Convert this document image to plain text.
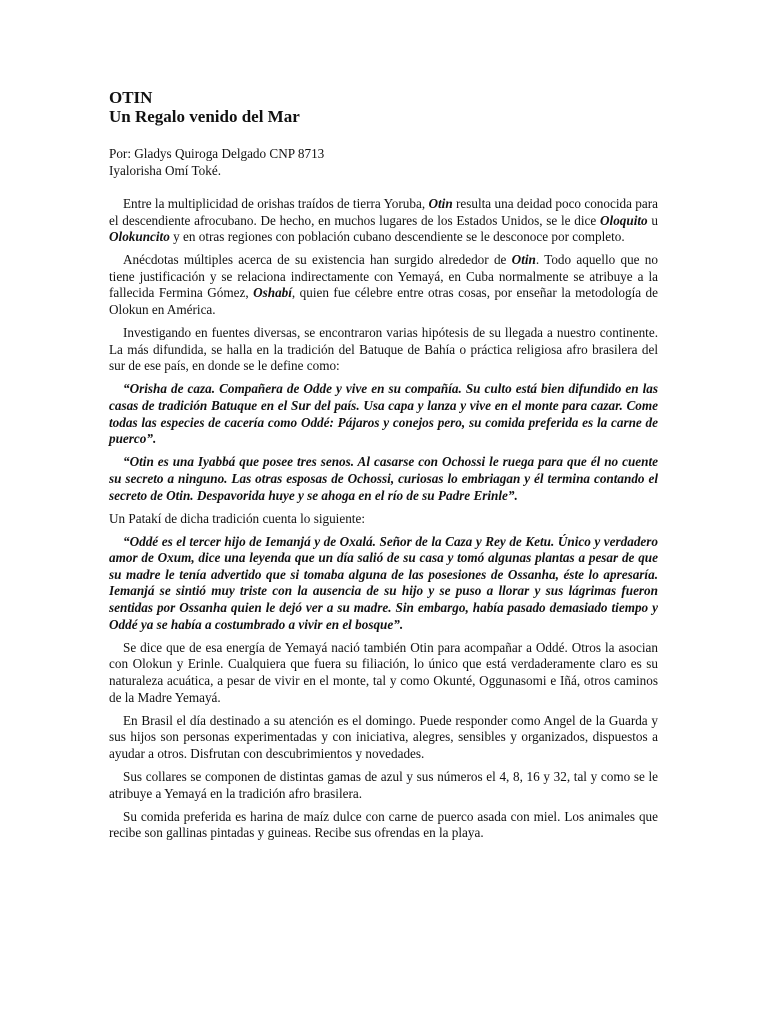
OTIN
Un Regalo venido del Mar

Por: Gladys Quiroga Delgado CNP 8713

Iyalorisha Omí Toké.

Entre la multiplicidad de orishas traídos de tierra Yoruba, Otin resulta una deidad poco conocida para el descendiente afrocubano. De hecho, en muchos lugares de los Estados Unidos, se le dice Oloquito u Olokuncito y en otras regiones con población cubano descendiente se le desconoce por completo.

Anécdotas múltiples acerca de su existencia han surgido alrededor de Otin. Todo aquello que no tiene justificación y se relaciona indirectamente con Yemayá, en Cuba normalmente se atribuye a la fallecida Fermina Gómez, Oshabí, quien fue célebre entre otras cosas, por enseñar la metodología de Olokun en América.

Investigando en fuentes diversas, se encontraron varias hipótesis de su llegada a nuestro continente. La más difundida, se halla en la tradición del Batuque de Bahía o práctica religiosa afro brasilera del sur de ese país, en donde se le define como:

“Orisha de caza. Compañera de Odde y vive en su compañía. Su culto está bien difundido en las casas de tradición Batuque en el Sur del país. Usa capa y lanza y vive en el monte para cazar. Come todas las especies de cacería como Oddé: Pájaros y conejos pero, su comida preferida es la carne de puerco”.

“Otin es una Iyabbá que posee tres senos. Al casarse con Ochossi le ruega para que él no cuente su secreto a ninguno. Las otras esposas de Ochossi, curiosas lo embriagan y él termina contando el secreto de Otin. Despavorida huye y se ahoga en el río de su Padre Erinle”.

Un Patakí de dicha tradición cuenta lo siguiente:

“Oddé es el tercer hijo de Iemanjá y de Oxalá. Señor de la Caza y Rey de Ketu. Único y verdadero amor de Oxum, dice una leyenda que un día salió de su casa y tomó algunas plantas a pesar de que su madre le tenía advertido que si tomaba alguna de las posesiones de Ossanha, éste lo apresaría. Iemanjá se sintió muy triste con la ausencia de su hijo y se puso a llorar y sus lágrimas fueron sentidas por Ossanha quien le dejó ver a su madre. Sin embargo, había pasado demasiado tiempo y Oddé ya se había a costumbrado a vivir en el bosque”.

Se dice que de esa energía de Yemayá nació también Otin para acompañar a Oddé. Otros la asocian con Olokun y Erinle. Cualquiera que fuera su filiación, lo único que está verdaderamente claro es su naturaleza acuática, a pesar de vivir en el monte, tal y como Okunté, Oggunasomi e Iñá, otros caminos de la Madre Yemayá.

En Brasil el día destinado a su atención es el domingo. Puede responder como Angel de la Guarda y sus hijos son personas experimentadas y con iniciativa, alegres, sensibles y organizados, dispuestos a ayudar a otros. Disfrutan con descubrimientos y novedades.

Sus collares se componen de distintas gamas de azul y sus números el 4, 8, 16 y 32, tal y como se le atribuye a Yemayá en la tradición afro brasilera.

Su comida preferida es harina de maíz dulce con carne de puerco asada con miel. Los animales que recibe son gallinas pintadas y guineas. Recibe sus ofrendas en la playa.
